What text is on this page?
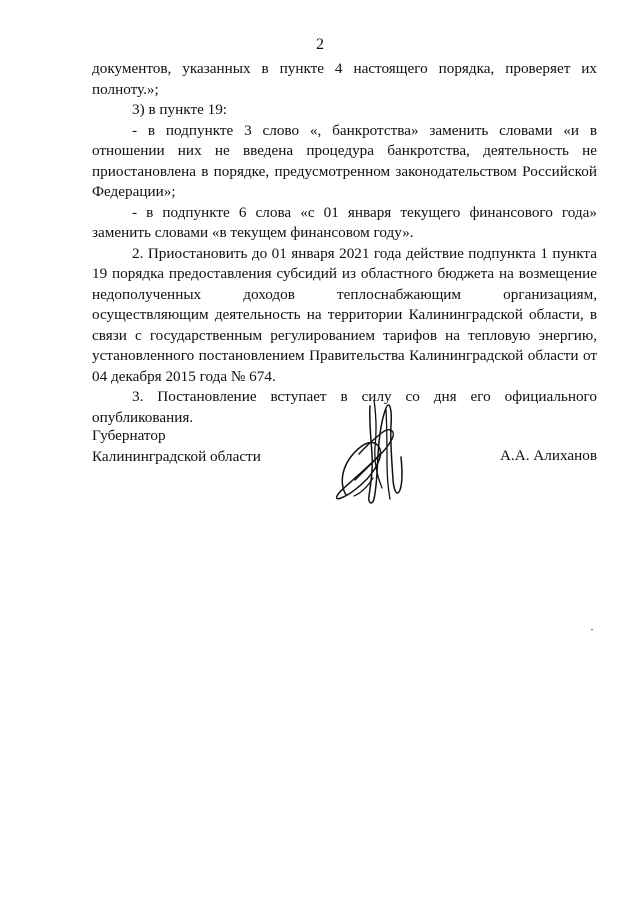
2

документов, указанных в пункте 4 настоящего порядка, проверяет их полноту.»;

3) в пункте 19:

- в подпункте 3 слово «, банкротства» заменить словами «и в отношении них не введена процедура банкротства, деятельность не приостановлена в порядке, предусмотренном законодательством Российской Федерации»;

- в подпункте 6 слова «с 01 января текущего финансового года» заменить словами «в текущем финансовом году».

2. Приостановить до 01 января 2021 года действие подпункта 1 пункта 19 порядка предоставления субсидий из областного бюджета на возмещение недополученных доходов теплоснабжающим организациям, осуществляющим деятельность на территории Калининградской области, в связи с государственным регулированием тарифов на тепловую энергию, установленного постановлением Правительства Калининградской области от 04 декабря 2015 года № 674.

3. Постановление вступает в силу со дня его официального опубликования.

Губернатор
Калининградской области	А.А. Алиханов
